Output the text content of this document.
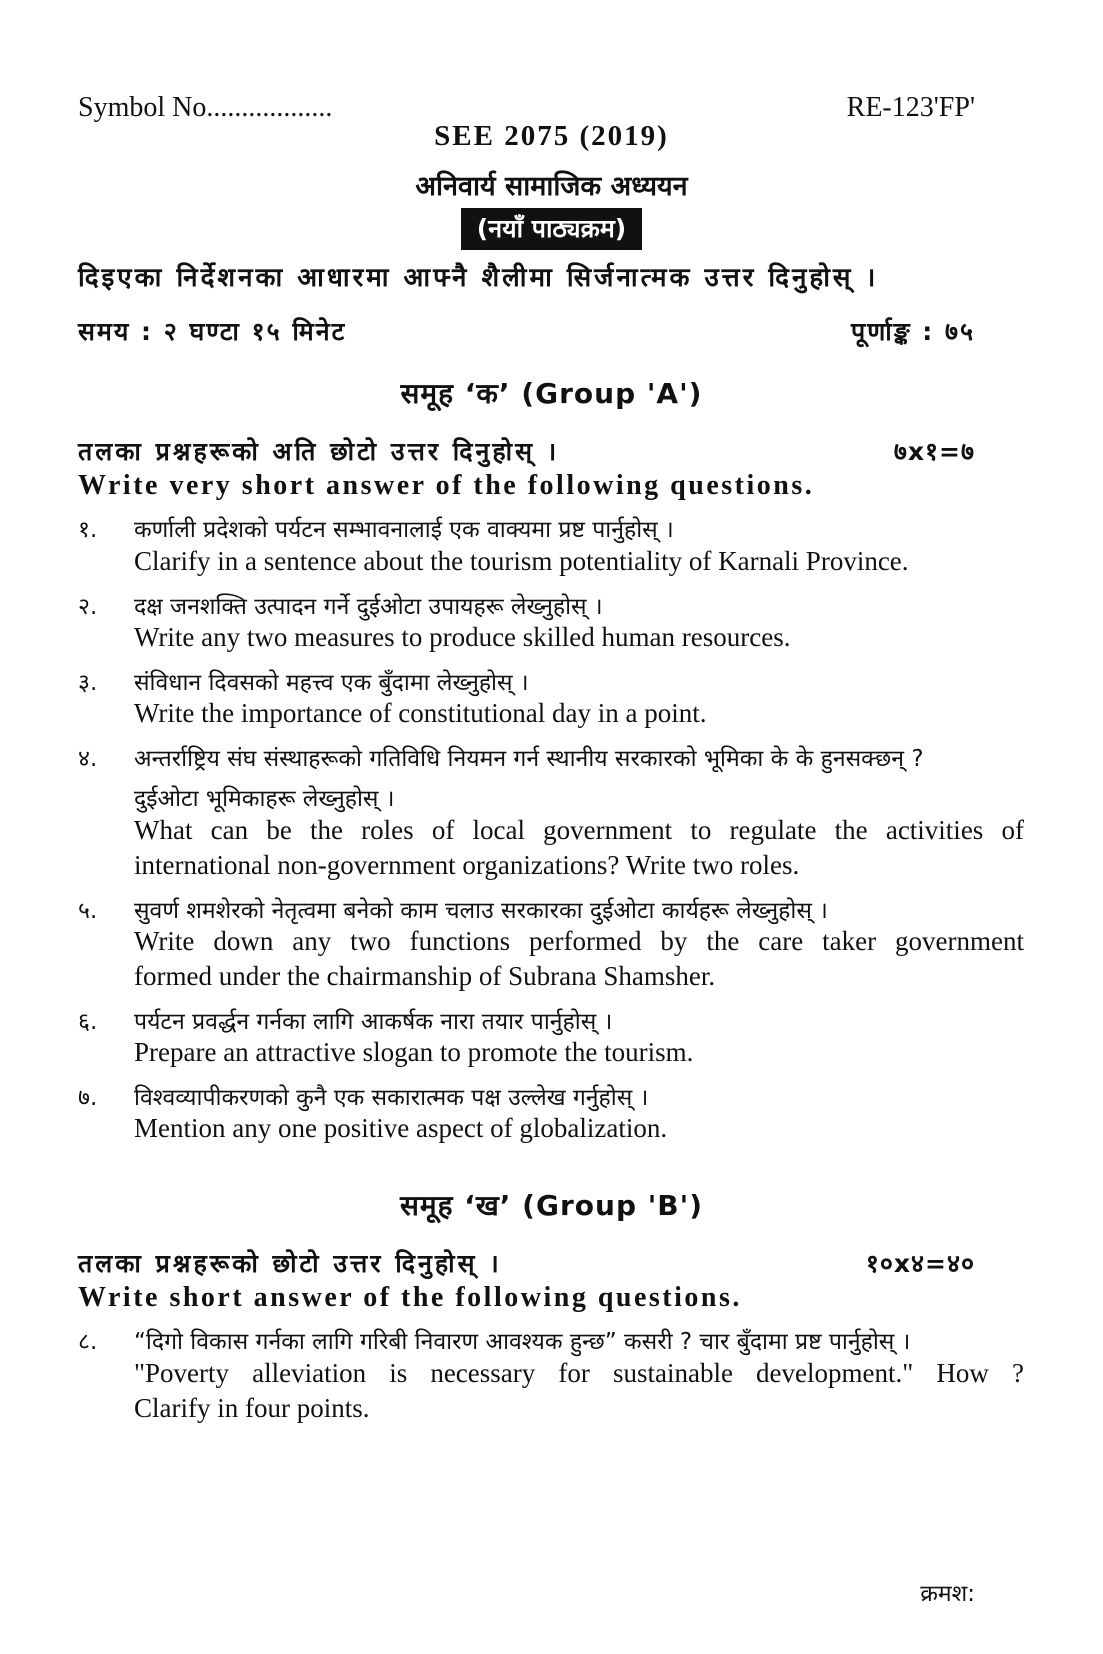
Symbol No..................	RE-123'FP'
SEE 2075 (2019)
अनिवार्य सामाजिक अध्ययन
(नयाँ पाठ्यक्रम)
दिइएका निर्देशनका आधारमा आफ्नै शैलीमा सिर्जनात्मक उत्तर दिनुहोस् ।
समय : २ घण्टा १५ मिनेट	पूर्णाङ्क : ७५
समूह ‘क’ (Group 'A')
तलका प्रश्नहरूको अति छोटो उत्तर दिनुहोस् ।	७x१=७
Write very short answer of the following questions.
१.	कर्णाली प्रदेशको पर्यटन सम्भावनालाई एक वाक्यमा प्रष्ट पार्नुहोस् ।
Clarify in a sentence about the tourism potentiality of Karnali Province.
२.	दक्ष जनशक्ति उत्पादन गर्ने दुईओटा उपायहरू लेख्नुहोस् ।
Write any two measures to produce skilled human resources.
३.	संविधान दिवसको महत्त्व एक बुँदामा लेख्नुहोस् ।
Write the importance of constitutional day in a point.
४.	अन्तर्राष्ट्रिय संघ संस्थाहरूको गतिविधि नियमन गर्न स्थानीय सरकारको भूमिका के के हुनसक्छन् ?
दुईओटा भूमिकाहरू लेख्नुहोस् ।
What can be the roles of local government to regulate the activities of
international non-government organizations? Write two roles.
५.	सुवर्ण शमशेरको नेतृत्वमा बनेको काम चलाउ सरकारका दुईओटा कार्यहरू लेख्नुहोस् ।
Write down any two functions performed by the care taker government
formed under the chairmanship of Subrana Shamsher.
६.	पर्यटन प्रवर्द्धन गर्नका लागि आकर्षक नारा तयार पार्नुहोस् ।
Prepare an attractive slogan to promote the tourism.
७.	विश्वव्यापीकरणको कुनै एक सकारात्मक पक्ष उल्लेख गर्नुहोस् ।
Mention any one positive aspect of globalization.
समूह ‘ख’ (Group 'B')
तलका प्रश्नहरूको छोटो उत्तर दिनुहोस् ।	१०x४=४०
Write short answer of the following questions.
८.	“दिगो विकास गर्नका लागि गरिबी निवारण आवश्यक हुन्छ” कसरी ? चार बुँदामा प्रष्ट पार्नुहोस् ।
"Poverty alleviation is necessary for sustainable development." How ?
Clarify in four points.
क्रमश:
